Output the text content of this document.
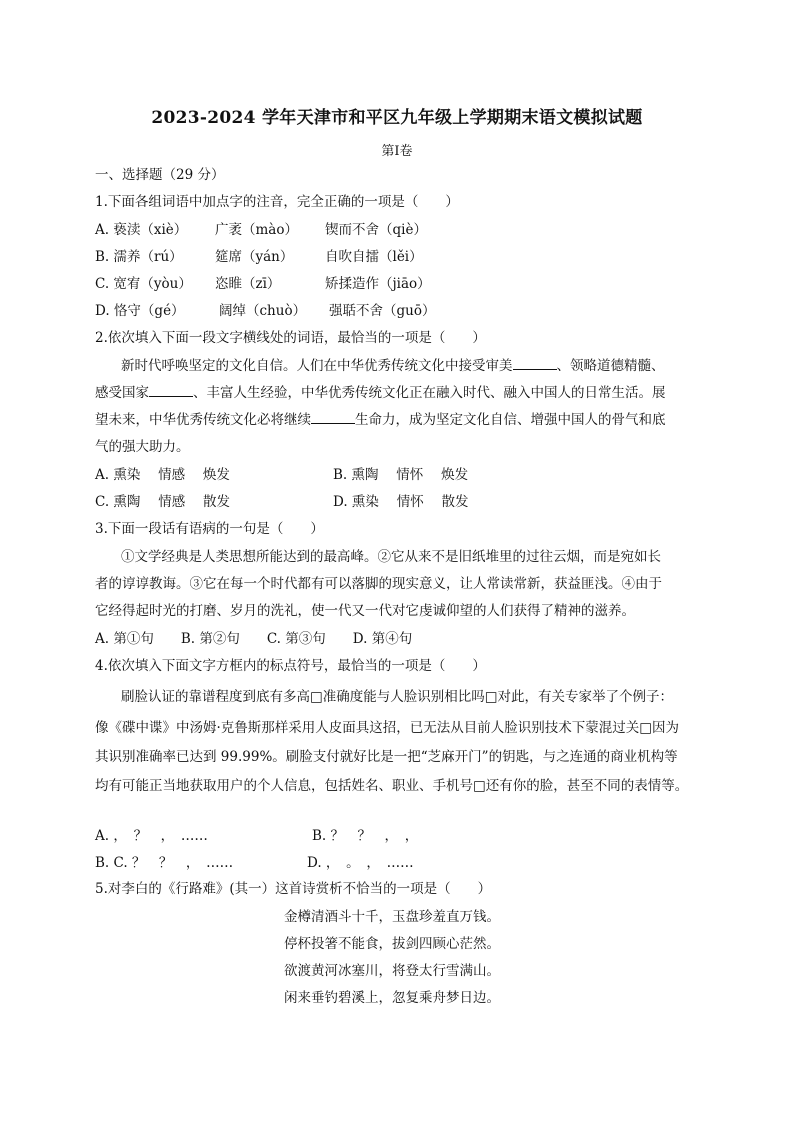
2023-2024 学年天津市和平区九年级上学期期末语文模拟试题
第Ⅰ卷
一、选择题（29 分）
1.下面各组词语中加点字的注音，完全正确的一项是（　　）
A. 亵渎（xiè） 广袤（mào） 锲而不舍（qiè）
B. 濡养（rú） 筵席（yán） 自吹自擂（lěi）
C. 宽宥（yòu） 恣睢（zī）	矫揉造作（jiāo）
D. 恪守（gé）	阔绰（chuò） 强聒不舍（guō）
2.依次填入下面一段文字横线处的词语，最恰当的一项是（　　）
新时代呼唤坚定的文化自信。人们在中华优秀传统文化中接受审美	、领略道德精髓、
感受国家	、丰富人生经验，中华优秀传统文化正在融入时代、融入中国人的日常生活。展
望未来，中华优秀传统文化必将继续	生命力，成为坚定文化自信、增强中国人的骨气和底
气的强大助力。
A. 熏染　 情感　 焕发	B. 熏陶　 情怀　 焕发
C. 熏陶　 情感　 散发	D. 熏染　 情怀　 散发
3.下面一段话有语病的一句是（　　）
①文学经典是人类思想所能达到的最高峰。②它从来不是旧纸堆里的过往云烟，而是宛如长
者的谆谆教诲。③它在每一个时代都有可以落脚的现实意义，让人常读常新，获益匪浅。④由于
它经得起时光的打磨、岁月的洗礼，使一代又一代对它虔诚仰望的人们获得了精神的滋养。
A. 第①句　　B. 第②句　　C. 第③句　　D. 第④句
4.依次填入下面文字方框内的标点符号，最恰当的一项是（　　）
刷脸认证的靠谱程度到底有多高□准确度能与人脸识别相比吗□对此，有关专家举了个例子：
像《碟中谍》中汤姆·克鲁斯那样采用人皮面具这招，已无法从目前人脸识别技术下蒙混过关□因为
其识别准确率已达到 99.99%。刷脸支付就好比是一把“芝麻开门”的钥匙，与之连通的商业机构等
均有可能正当地获取用户的个人信息，包括姓名、职业、手机号□还有你的脸，甚至不同的表情等。
A. ，　？　，　……	B. ？　？　，　，
B. C. ？　？　，　……	D. ，　。　，　……
5.对李白的《行路难》(其一）这首诗赏析不恰当的一项是（　　）
金樽清酒斗十千，玉盘珍羞直万钱。
停杯投箸不能食，拔剑四顾心茫然。
欲渡黄河冰塞川，将登太行雪满山。
闲来垂钓碧溪上，忽复乘舟梦日边。
